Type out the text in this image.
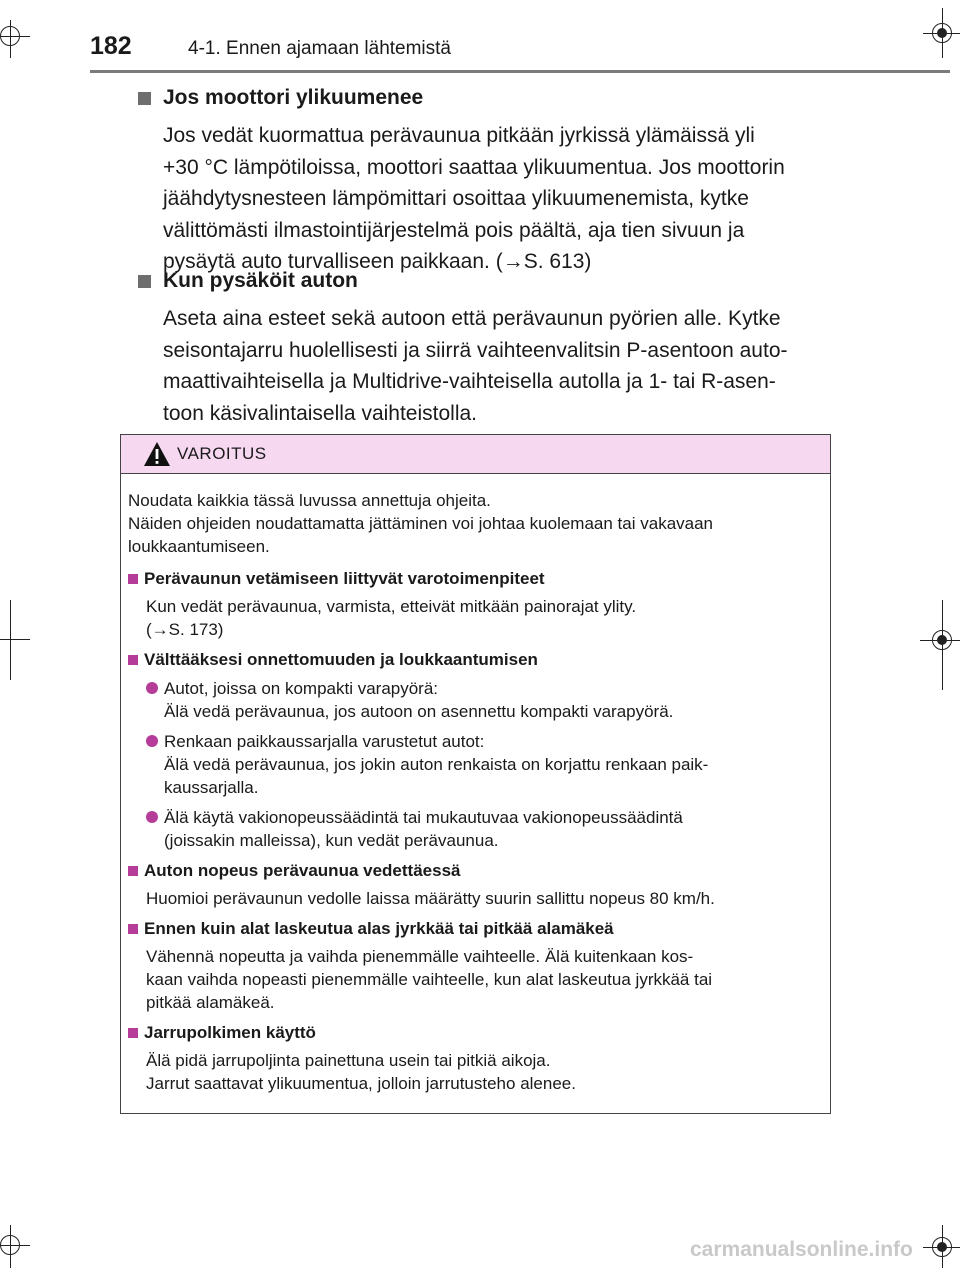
182	4-1. Ennen ajamaan lähtemistä
Jos moottori ylikuumenee
Jos vedät kuormattua perävaunua pitkään jyrkissä ylämäissä yli
+30 °C lämpötiloissa, moottori saattaa ylikuumentua. Jos moottorin
jäähdytysnesteen lämpömittari osoittaa ylikuumenemista, kytke
välittömästi ilmastointijärjestelmä pois päältä, aja tien sivuun ja
pysäytä auto turvalliseen paikkaan. (→S. 613)
Kun pysäköit auton
Aseta aina esteet sekä autoon että perävaunun pyörien alle. Kytke
seisontajarru huolellisesti ja siirrä vaihteenvalitsin P-asentoon auto-
maattivaihteisella ja Multidrive-vaihteisella autolla ja 1- tai R-asen-
toon käsivalintaisella vaihteistolla.
VAROITUS
Noudata kaikkia tässä luvussa annettuja ohjeita.
Näiden ohjeiden noudattamatta jättäminen voi johtaa kuolemaan tai vakavaan
loukkaantumiseen.
Perävaunun vetämiseen liittyvät varotoimenpiteet
Kun vedät perävaunua, varmista, etteivät mitkään painorajat ylity.
(→S. 173)
Välttääksesi onnettomuuden ja loukkaantumisen
Autot, joissa on kompakti varapyörä:
Älä vedä perävaunua, jos autoon on asennettu kompakti varapyörä.
Renkaan paikkaussarjalla varustetut autot:
Älä vedä perävaunua, jos jokin auton renkaista on korjattu renkaan paik-
kaussarjalla.
Älä käytä vakionopeussäädintä tai mukautuvaa vakionopeussäädintä
(joissakin malleissa), kun vedät perävaunua.
Auton nopeus perävaunua vedettäessä
Huomioi perävaunun vedolle laissa määrätty suurin sallittu nopeus 80 km/h.
Ennen kuin alat laskeutua alas jyrkkää tai pitkää alamäkeä
Vähennä nopeutta ja vaihda pienemmälle vaihteelle. Älä kuitenkaan kos-
kaan vaihda nopeasti pienemmälle vaihteelle, kun alat laskeutua jyrkkää tai
pitkää alamäkeä.
Jarrupolkimen käyttö
Älä pidä jarrupoljinta painettuna usein tai pitkiä aikoja.
Jarrut saattavat ylikuumentua, jolloin jarrutusteho alenee.
carmanualsonline.info
